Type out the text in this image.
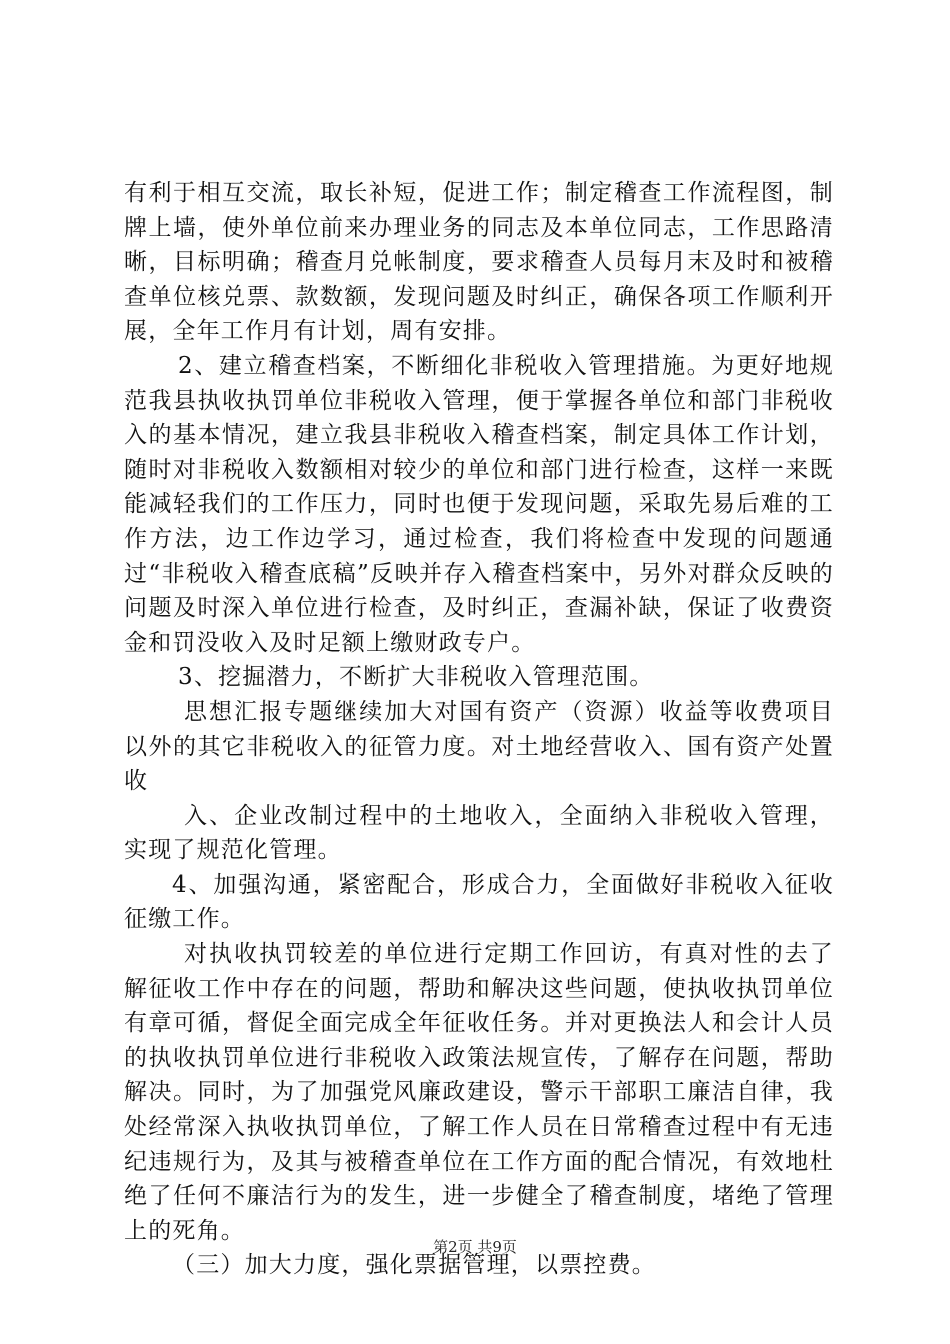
有利于相互交流，取长补短，促进工作；制定稽查工作流程图，制牌上墙，使外单位前来办理业务的同志及本单位同志，工作思路清晰，目标明确；稽查月兑帐制度，要求稽查人员每月末及时和被稽查单位核兑票、款数额，发现问题及时纠正，确保各项工作顺利开展，全年工作月有计划，周有安排。

2、建立稽查档案，不断细化非税收入管理措施。为更好地规范我县执收执罚单位非税收入管理，便于掌握各单位和部门非税收入的基本情况，建立我县非税收入稽查档案，制定具体工作计划，随时对非税收入数额相对较少的单位和部门进行检查，这样一来既能减轻我们的工作压力，同时也便于发现问题，采取先易后难的工作方法，边工作边学习，通过检查，我们将检查中发现的问题通过“非税收入稽查底稿”反映并存入稽查档案中，另外对群众反映的问题及时深入单位进行检查，及时纠正，查漏补缺，保证了收费资金和罚没收入及时足额上缴财政专户。

3、挖掘潜力，不断扩大非税收入管理范围。

思想汇报专题继续加大对国有资产（资源）收益等收费项目以外的其它非税收入的征管力度。对土地经营收入、国有资产处置收

入、企业改制过程中的土地收入，全面纳入非税收入管理，实现了规范化管理。

4、加强沟通，紧密配合，形成合力，全面做好非税收入征收征缴工作。

对执收执罚较差的单位进行定期工作回访，有真对性的去了解征收工作中存在的问题，帮助和解决这些问题，使执收执罚单位有章可循，督促全面完成全年征收任务。并对更换法人和会计人员的执收执罚单位进行非税收入政策法规宣传，了解存在问题，帮助解决。同时，为了加强党风廉政建设，警示干部职工廉洁自律，我处经常深入执收执罚单位，了解工作人员在日常稽查过程中有无违纪违规行为，及其与被稽查单位在工作方面的配合情况，有效地杜绝了任何不廉洁行为的发生，进一步健全了稽查制度，堵绝了管理上的死角。

（三）加大力度，强化票据管理，以票控费。

第2页 共9页
